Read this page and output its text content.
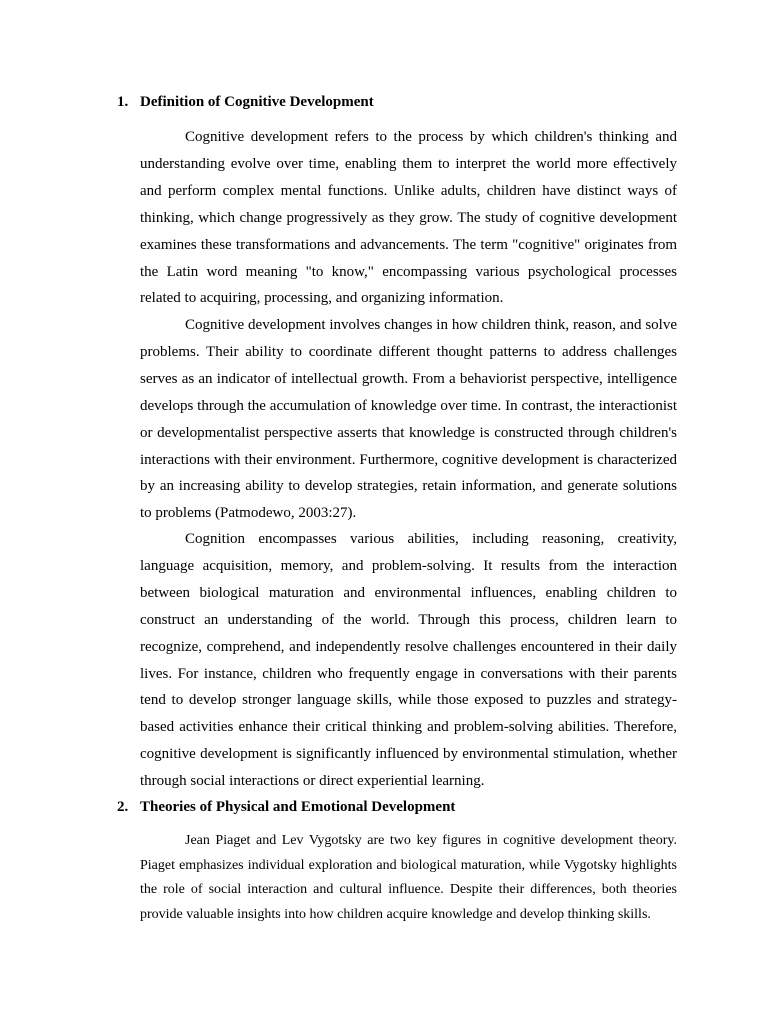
1. Definition of Cognitive Development

Cognitive development refers to the process by which children's thinking and understanding evolve over time, enabling them to interpret the world more effectively and perform complex mental functions. Unlike adults, children have distinct ways of thinking, which change progressively as they grow. The study of cognitive development examines these transformations and advancements. The term "cognitive" originates from the Latin word meaning "to know," encompassing various psychological processes related to acquiring, processing, and organizing information.

Cognitive development involves changes in how children think, reason, and solve problems. Their ability to coordinate different thought patterns to address challenges serves as an indicator of intellectual growth. From a behaviorist perspective, intelligence develops through the accumulation of knowledge over time. In contrast, the interactionist or developmentalist perspective asserts that knowledge is constructed through children's interactions with their environment. Furthermore, cognitive development is characterized by an increasing ability to develop strategies, retain information, and generate solutions to problems (Patmodewo, 2003:27).

Cognition encompasses various abilities, including reasoning, creativity, language acquisition, memory, and problem-solving. It results from the interaction between biological maturation and environmental influences, enabling children to construct an understanding of the world. Through this process, children learn to recognize, comprehend, and independently resolve challenges encountered in their daily lives. For instance, children who frequently engage in conversations with their parents tend to develop stronger language skills, while those exposed to puzzles and strategy-based activities enhance their critical thinking and problem-solving abilities. Therefore, cognitive development is significantly influenced by environmental stimulation, whether through social interactions or direct experiential learning.

2. Theories of Physical and Emotional Development

Jean Piaget and Lev Vygotsky are two key figures in cognitive development theory. Piaget emphasizes individual exploration and biological maturation, while Vygotsky highlights the role of social interaction and cultural influence. Despite their differences, both theories provide valuable insights into how children acquire knowledge and develop thinking skills.
